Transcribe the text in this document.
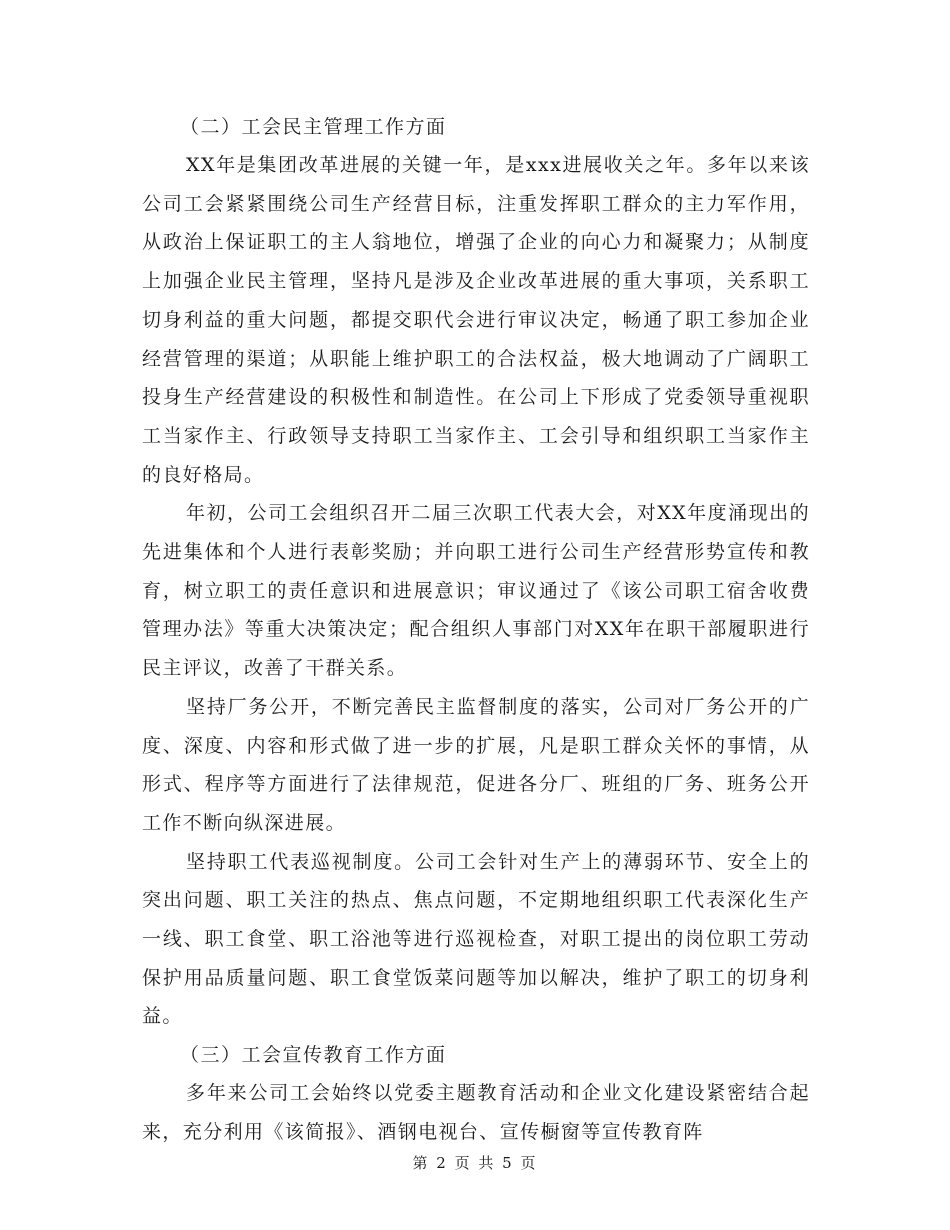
（二）工会民主管理工作方面

XX年是集团改革进展的关键一年，是xxx进展收关之年。多年以来该公司工会紧紧围绕公司生产经营目标，注重发挥职工群众的主力军作用，从政治上保证职工的主人翁地位，增强了企业的向心力和凝聚力；从制度上加强企业民主管理，坚持凡是涉及企业改革进展的重大事项，关系职工切身利益的重大问题，都提交职代会进行审议决定，畅通了职工参加企业经营管理的渠道；从职能上维护职工的合法权益，极大地调动了广阔职工投身生产经营建设的积极性和制造性。在公司上下形成了党委领导重视职工当家作主、行政领导支持职工当家作主、工会引导和组织职工当家作主的良好格局。

年初，公司工会组织召开二届三次职工代表大会，对XX年度涌现出的先进集体和个人进行表彰奖励；并向职工进行公司生产经营形势宣传和教育，树立职工的责任意识和进展意识；审议通过了《该公司职工宿舍收费管理办法》等重大决策决定；配合组织人事部门对XX年在职干部履职进行民主评议，改善了干群关系。

坚持厂务公开，不断完善民主监督制度的落实，公司对厂务公开的广度、深度、内容和形式做了进一步的扩展，凡是职工群众关怀的事情，从形式、程序等方面进行了法律规范，促进各分厂、班组的厂务、班务公开工作不断向纵深进展。

坚持职工代表巡视制度。公司工会针对生产上的薄弱环节、安全上的突出问题、职工关注的热点、焦点问题，不定期地组织职工代表深化生产一线、职工食堂、职工浴池等进行巡视检查，对职工提出的岗位职工劳动保护用品质量问题、职工食堂饭菜问题等加以解决，维护了职工的切身利益。

（三）工会宣传教育工作方面

多年来公司工会始终以党委主题教育活动和企业文化建设紧密结合起来，充分利用《该简报》、酒钢电视台、宣传橱窗等宣传教育阵

第 2 页 共 5 页
